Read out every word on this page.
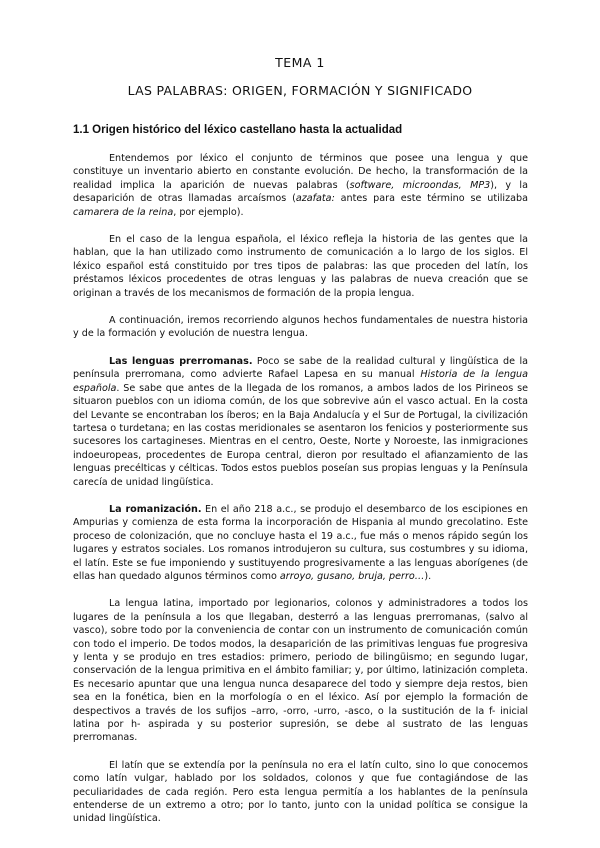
TEMA 1
LAS PALABRAS: ORIGEN, FORMACIÓN Y SIGNIFICADO
1.1 Origen histórico del léxico castellano hasta la actualidad

Entendemos por léxico el conjunto de términos que posee una lengua y que constituye un inventario abierto en constante evolución. De hecho, la transformación de la realidad implica la aparición de nuevas palabras (software, microondas, MP3), y la desaparición de otras llamadas arcaísmos (azafata: antes para este término se utilizaba camarera de la reina, por ejemplo).

En el caso de la lengua española, el léxico refleja la historia de las gentes que la hablan, que la han utilizado como instrumento de comunicación a lo largo de los siglos. El léxico español está constituido por tres tipos de palabras: las que proceden del latín, los préstamos léxicos procedentes de otras lenguas y las palabras de nueva creación que se originan a través de los mecanismos de formación de la propia lengua.

A continuación, iremos recorriendo algunos hechos fundamentales de nuestra historia y de la formación y evolución de nuestra lengua.

Las lenguas prerromanas. Poco se sabe de la realidad cultural y lingüística de la península prerromana, como advierte Rafael Lapesa en su manual Historia de la lengua española. Se sabe que antes de la llegada de los romanos, a ambos lados de los Pirineos se situaron pueblos con un idioma común, de los que sobrevive aún el vasco actual. En la costa del Levante se encontraban los íberos; en la Baja Andalucía y el Sur de Portugal, la civilización tartesa o turdetana; en las costas meridionales se asentaron los fenicios y posteriormente sus sucesores los cartagineses. Mientras en el centro, Oeste, Norte y Noroeste, las inmigraciones indoeuropeas, procedentes de Europa central, dieron por resultado el afianzamiento de las lenguas precélticas y célticas. Todos estos pueblos poseían sus propias lenguas y la Península carecía de unidad lingüística.

La romanización. En el año 218 a.c., se produjo el desembarco de los escipiones en Ampurias y comienza de esta forma la incorporación de Hispania al mundo grecolatino. Este proceso de colonización, que no concluye hasta el 19 a.c., fue más o menos rápido según los lugares y estratos sociales. Los romanos introdujeron su cultura, sus costumbres y su idioma, el latín. Este se fue imponiendo y sustituyendo progresivamente a las lenguas aborígenes (de ellas han quedado algunos términos como arroyo, gusano, bruja, perro…).

La lengua latina, importado por legionarios, colonos y administradores a todos los lugares de la península a los que llegaban, desterró a las lenguas prerromanas, (salvo al vasco), sobre todo por la conveniencia de contar con un instrumento de comunicación común con todo el imperio. De todos modos, la desaparición de las primitivas lenguas fue progresiva y lenta y se produjo en tres estadios: primero, periodo de bilingüismo; en segundo lugar, conservación de la lengua primitiva en el ámbito familiar; y, por último, latinización completa. Es necesario apuntar que una lengua nunca desaparece del todo y siempre deja restos, bien sea en la fonética, bien en la morfología o en el léxico. Así por ejemplo la formación de despectivos a través de los sufijos –arro, -orro, -urro, -asco, o la sustitución de la f- inicial latina por h- aspirada y su posterior supresión, se debe al sustrato de las lenguas prerromanas.

El latín que se extendía por la península no era el latín culto, sino lo que conocemos como latín vulgar, hablado por los soldados, colonos y que fue contagiándose de las peculiaridades de cada región. Pero esta lengua permitía a los hablantes de la península entenderse de un extremo a otro; por lo tanto, junto con la unidad política se consigue la unidad lingüística.
